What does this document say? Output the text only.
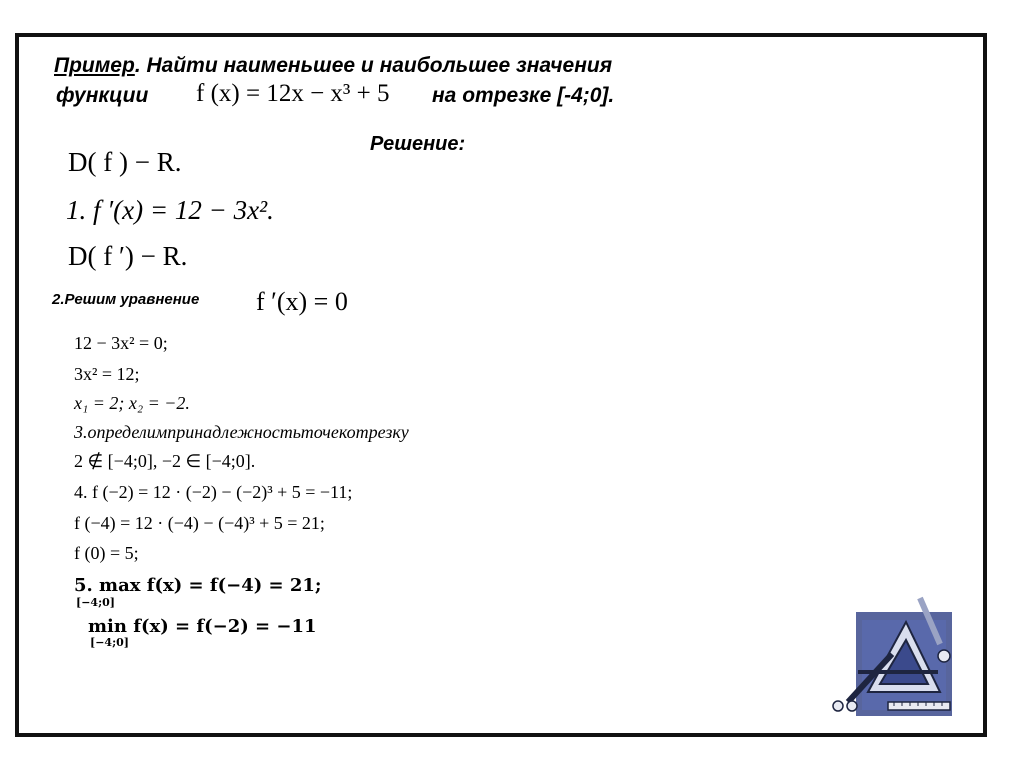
Пример. Найти наименьшее и наибольшее значения
функции f (x) = 12x − x³ + 5 на отрезке [-4;0].
Решение:
D( f ) − R.
1. f ′(x) = 12 − 3x².
D( f ′) − R.
2.Решим уравнение f ′(x) = 0
12 − 3x² = 0;
3x² = 12;
x₁ = 2; x₂ = −2.
3.определимпринадлежностьточекотрезку
2 ∉ [−4;0], −2 ∈ [−4;0].
4. f (−2) = 12 · (−2) − (−2)³ + 5 = −11;
f (−4) = 12 · (−4) − (−4)³ + 5 = 21;
f (0) = 5;
5. max f(x) = f(−4) = 21;
[−4;0]
min f(x) = f(−2) = −11
[−4;0]
